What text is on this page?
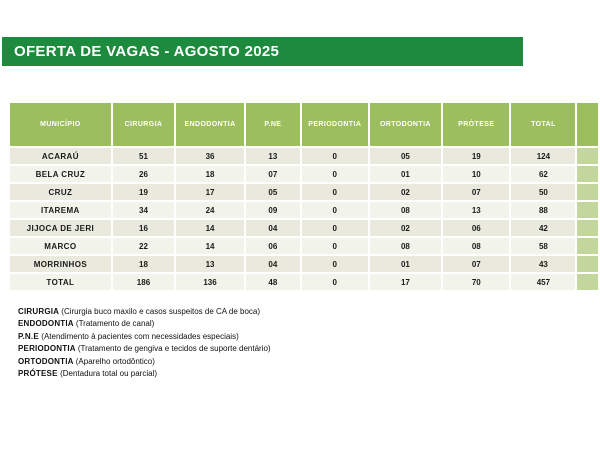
OFERTA DE VAGAS - AGOSTO 2025
MUNICÍPIO	CIRURGIA	ENDODONTIA	P.NE	PERIODONTIA	ORTODONTIA	PRÓTESE	TOTAL	
ACARAÚ	51	36	13	0	05	19	124	
BELA CRUZ	26	18	07	0	01	10	62	
CRUZ	19	17	05	0	02	07	50	
ITAREMA	34	24	09	0	08	13	88	
JIJOCA DE JERI	16	14	04	0	02	06	42	
MARCO	22	14	06	0	08	08	58	
MORRINHOS	18	13	04	0	01	07	43	
TOTAL	186	136	48	0	17	70	457	
CIRURGIA (Cirurgia buco maxilo e casos suspeitos de CA de boca)
ENDODONTIA (Tratamento de canal)
P.N.E (Atendimento à pacientes com necessidades especiais)
PERIODONTIA (Tratamento de gengiva e tecidos de suporte dentário)
ORTODONTIA (Aparelho ortodôntico)
PRÓTESE (Dentadura total ou parcial)
